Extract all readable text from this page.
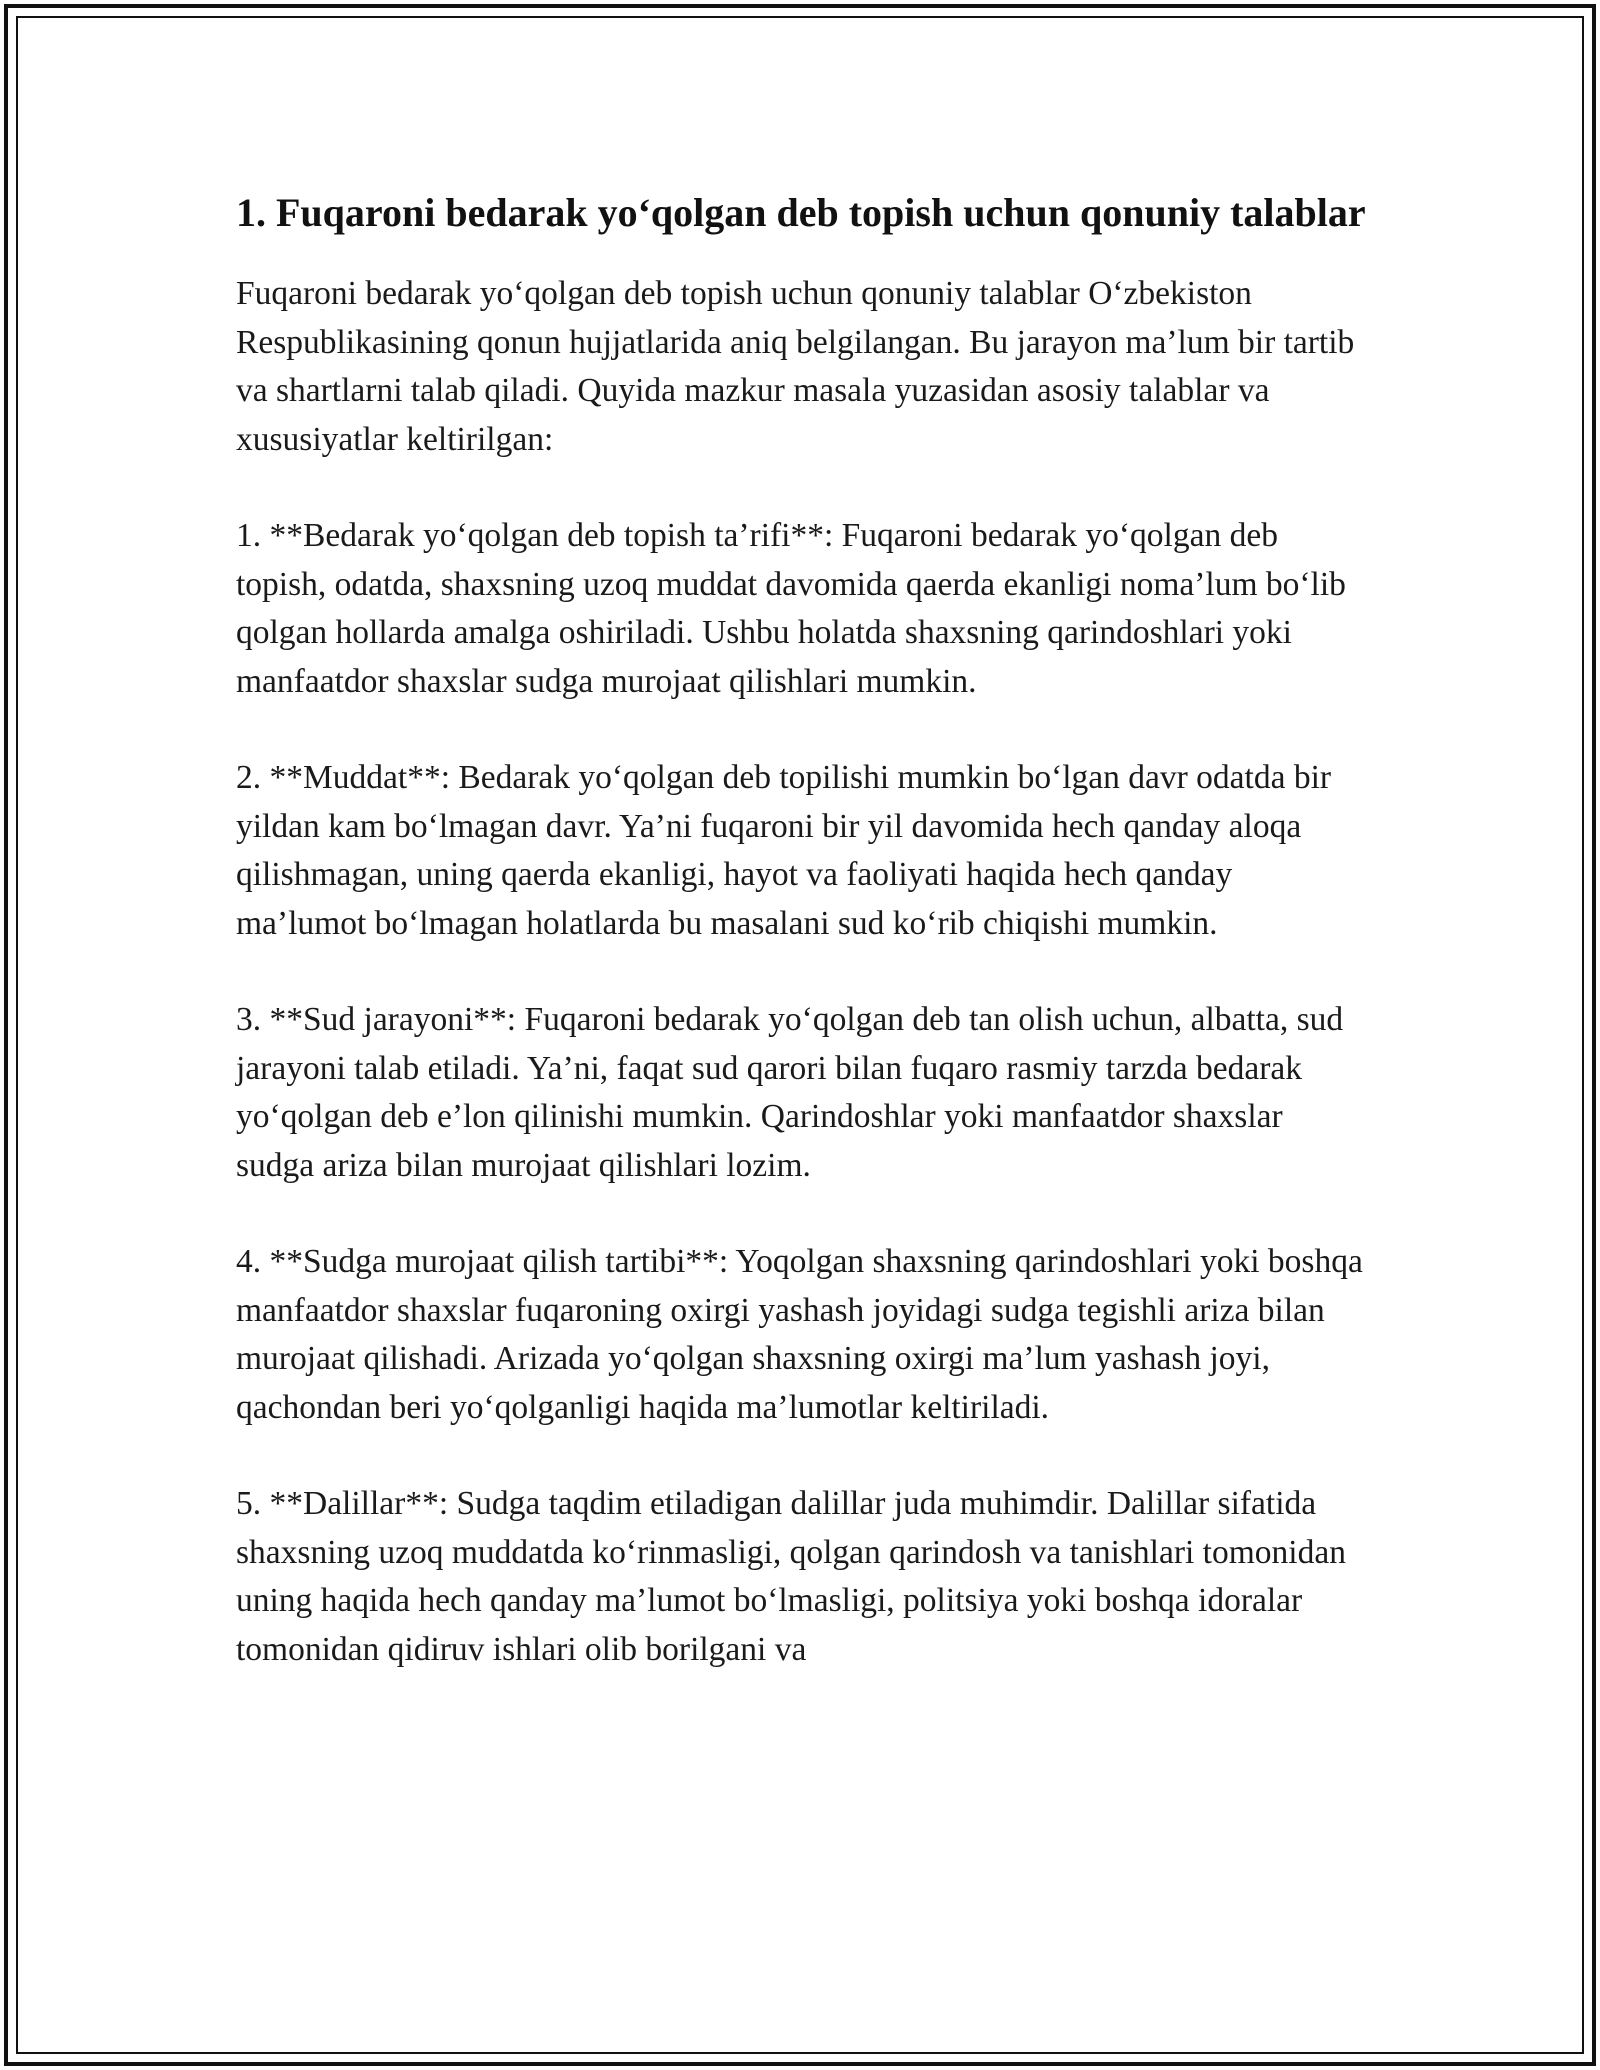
1. Fuqaroni bedarak yo‘qolgan deb topish uchun qonuniy talablar

Fuqaroni bedarak yo‘qolgan deb topish uchun qonuniy talablar O‘zbekiston Respublikasining qonun hujjatlarida aniq belgilangan. Bu jarayon ma’lum bir tartib va shartlarni talab qiladi. Quyida mazkur masala yuzasidan asosiy talablar va xususiyatlar keltirilgan:

1. **Bedarak yo‘qolgan deb topish ta’rifi**: Fuqaroni bedarak yo‘qolgan deb topish, odatda, shaxsning uzoq muddat davomida qaerda ekanligi noma’lum bo‘lib qolgan hollarda amalga oshiriladi. Ushbu holatda shaxsning qarindoshlari yoki manfaatdor shaxslar sudga murojaat qilishlari mumkin.

2. **Muddat**: Bedarak yo‘qolgan deb topilishi mumkin bo‘lgan davr odatda bir yildan kam bo‘lmagan davr. Ya’ni fuqaroni bir yil davomida hech qanday aloqa qilishmagan, uning qaerda ekanligi, hayot va faoliyati haqida hech qanday ma’lumot bo‘lmagan holatlarda bu masalani sud ko‘rib chiqishi mumkin.

3. **Sud jarayoni**: Fuqaroni bedarak yo‘qolgan deb tan olish uchun, albatta, sud jarayoni talab etiladi. Ya’ni, faqat sud qarori bilan fuqaro rasmiy tarzda bedarak yo‘qolgan deb e’lon qilinishi mumkin. Qarindoshlar yoki manfaatdor shaxslar sudga ariza bilan murojaat qilishlari lozim.

4. **Sudga murojaat qilish tartibi**: Yoqolgan shaxsning qarindoshlari yoki boshqa manfaatdor shaxslar fuqaroning oxirgi yashash joyidagi sudga tegishli ariza bilan murojaat qilishadi. Arizada yo‘qolgan shaxsning oxirgi ma’lum yashash joyi, qachondan beri yo‘qolganligi haqida ma’lumotlar keltiriladi.

5. **Dalillar**: Sudga taqdim etiladigan dalillar juda muhimdir. Dalillar sifatida shaxsning uzoq muddatda ko‘rinmasligi, qolgan qarindosh va tanishlari tomonidan uning haqida hech qanday ma’lumot bo‘lmasligi, politsiya yoki boshqa idoralar tomonidan qidiruv ishlari olib borilgani va
